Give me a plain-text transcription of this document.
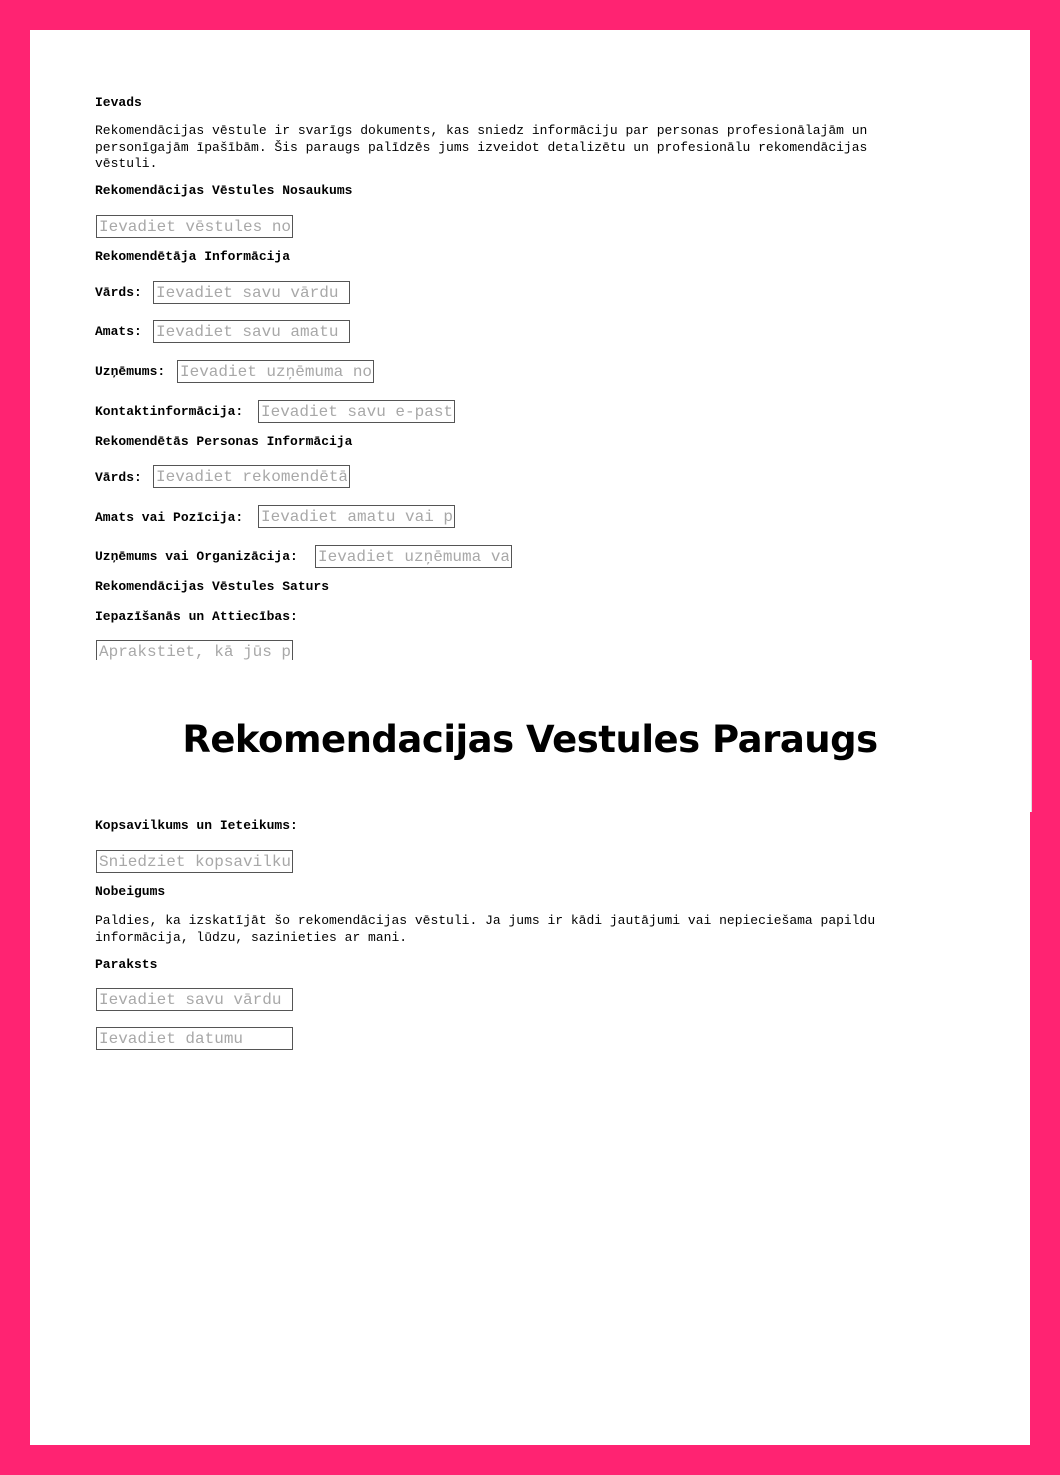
Ievads
Rekomendācijas vēstule ir svarīgs dokuments, kas sniedz informāciju par personas profesionālajām un personīgajām īpašībām. Šis paraugs palīdzēs jums izveidot detalizētu un profesionālu rekomendācijas vēstuli.
Rekomendācijas Vēstules Nosaukums
Ievadiet vēstules nosaukumu
Rekomendētāja Informācija
Vārds:
Ievadiet savu vārdu
Amats:
Ievadiet savu amatu
Uzņēmums:
Ievadiet uzņēmuma nosaukumu
Kontaktinformācija:
Ievadiet savu e-pastu
Rekomendētās Personas Informācija
Vārds:
Ievadiet rekomendētās personas vārdu
Amats vai Pozīcija:
Ievadiet amatu vai pozīciju
Uzņēmums vai Organizācija:
Ievadiet uzņēmuma vai organizācijas nosaukumu
Rekomendācijas Vēstules Saturs
Iepazīšanās un Attiecības:
Aprakstiet, kā jūs pazīstat šo personu
Kopsavilkums un Ieteikums:
Sniedziet kopsavilkumu un ieteikumu
Nobeigums
Paldies, ka izskatījāt šo rekomendācijas vēstuli. Ja jums ir kādi jautājumi vai nepieciešama papildu informācija, lūdzu, sazinieties ar mani.
Paraksts
Ievadiet savu vārdu
Ievadiet datumu
Rekomendacijas Vestules Paraugs
